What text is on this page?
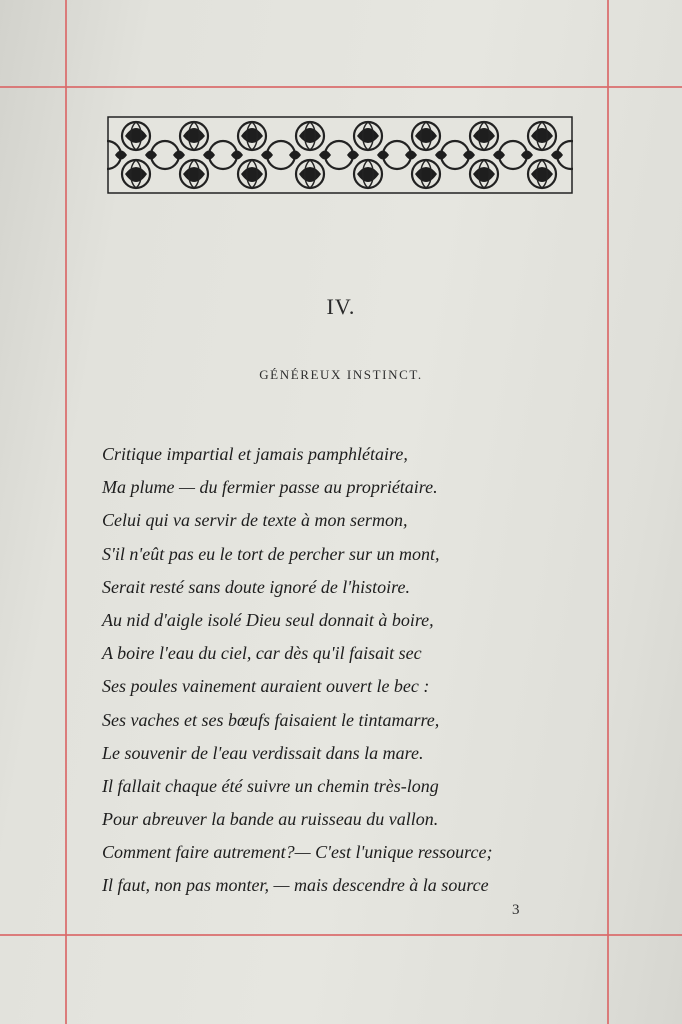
IV.
GÉNÉREUX INSTINCT.
Critique impartial et jamais pamphlétaire,
Ma plume — du fermier passe au propriétaire.
Celui qui va servir de texte à mon sermon,
S'il n'eût pas eu le tort de percher sur un mont,
Serait resté sans doute ignoré de l'histoire.
Au nid d'aigle isolé Dieu seul donnait à boire,
A boire l'eau du ciel, car dès qu'il faisait sec
Ses poules vainement auraient ouvert le bec :
Ses vaches et ses bœufs faisaient le tintamarre,
Le souvenir de l'eau verdissait dans la mare.
Il fallait chaque été suivre un chemin très-long
Pour abreuver la bande au ruisseau du vallon.
Comment faire autrement?— C'est l'unique ressource;
Il faut, non pas monter, — mais descendre à la source
3
